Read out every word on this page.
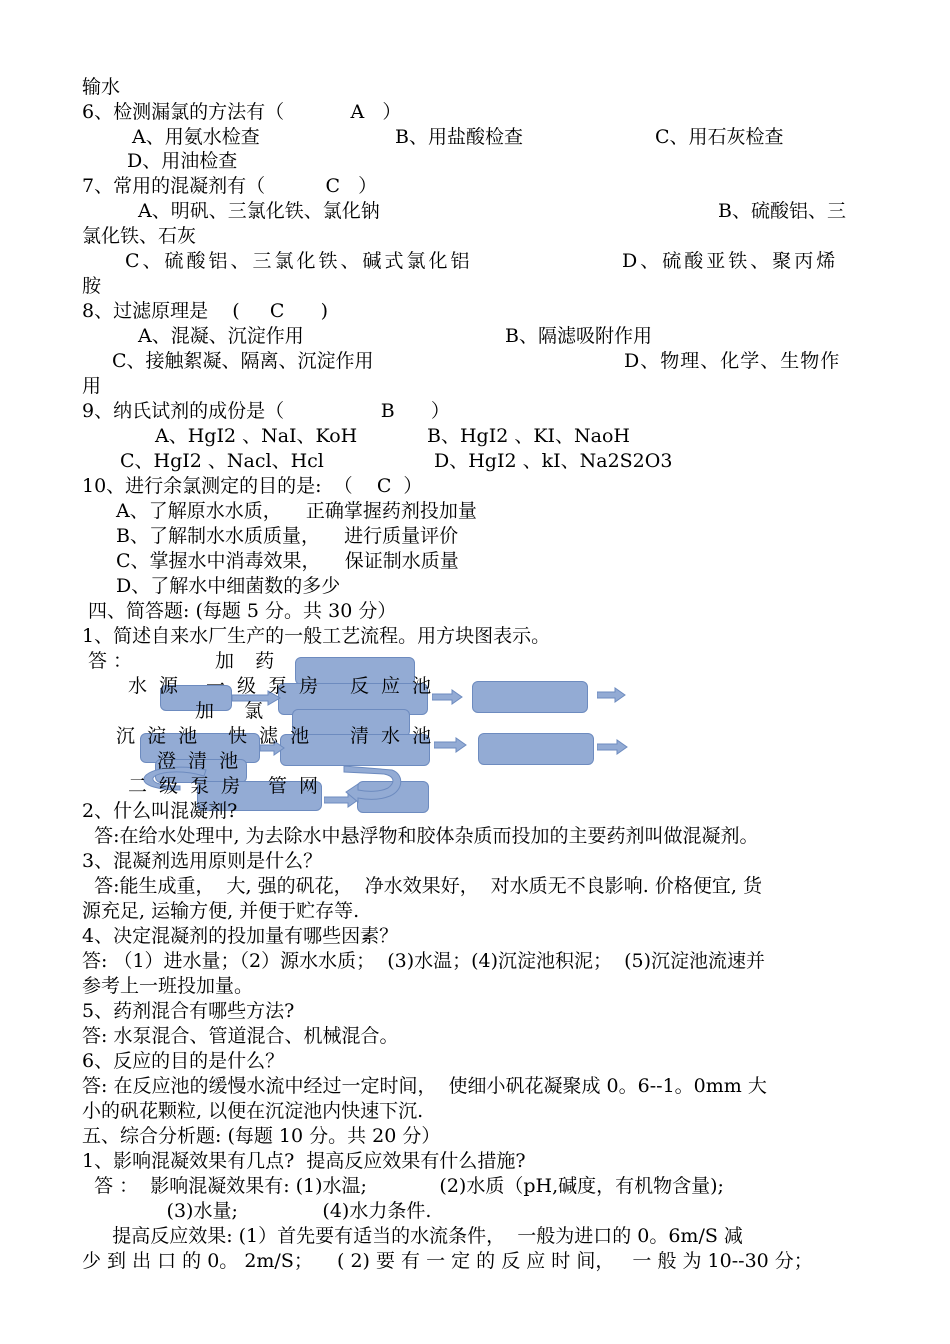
输水
6、检测漏氯的方法有（           A   ）
A、用氨水检查	B、用盐酸检查	C、用石灰检查
D、用油检查
7、常用的混凝剂有（          C   ）
A、明矾、三氯化铁、氯化钠	B、硫酸铝、三
氯化铁、石灰
C、硫酸铝、三氯化铁、碱式氯化铝	D、硫酸亚铁、聚丙烯
胺
8、过滤原理是    (     C      )
A、混凝、沉淀作用	B、隔滤吸附作用
C、接触絮凝、隔离、沉淀作用	D、物理、化学、生物作
用
9、纳氏试剂的成份是（                B      ）
A、HgI2 、NaI、KoH	B、HgI2 、KI、NaoH
C、HgI2 、Nacl、Hcl	D、HgI2 、kI、Na2S2O3
10、进行余氯测定的目的是:  （    C  ）
A、了解原水水质，    正确掌握药剂投加量
B、了解制水水质质量，    进行质量评价
C、掌握水中消毒效果，    保证制水质量
D、了解水中细菌数的多少
四、简答题: (每题 5 分。共 30 分）
1、简述自来水厂生产的一般工艺流程。用方块图表示。
答 ：	加  药
水 源 一 级 泵 房 反 应 池
加   氯
沉 淀 池 快 滤 池 清 水 池
澄 清 池
二 级 泵 房 管 网
2、什么叫混凝剂?
答:在给水处理中, 为去除水中悬浮物和胶体杂质而投加的主要药剂叫做混凝剂。
3、混凝剂选用原则是什么？
答:能生成重，  大, 强的矾花，  净水效果好，  对水质无不良影响. 价格便宜, 货
源充足, 运输方便, 并便于贮存等.
4、决定混凝剂的投加量有哪些因素？
答: （1）进水量；（2）源水水质；  (3)水温；(4)沉淀池积泥；  (5)沉淀池流速并
参考上一班投加量。
5、药剂混合有哪些方法?
答: 水泵混合、管道混合、机械混合。
6、反应的目的是什么？
答: 在反应池的缓慢水流中经过一定时间，  使细小矾花凝聚成 0。6--1。0mm 大
小的矾花颗粒, 以便在沉淀池内快速下沉.
五、综合分析题: (每题 10 分。共 20 分）
1、影响混凝效果有几点?  提高反应效果有什么措施?
答 ：  影响混凝效果有: (1)水温;            (2)水质（pH,碱度，有机物含量);
(3)水量;              (4)水力条件.
提高反应效果: (1）首先要有适当的水流条件，  一般为进口的 0。6m/S 减
少 到 出 口 的 0。 2m/S；    ( 2) 要 有 一 定 的 反 应 时 间，   一 般 为 10--30 分；
